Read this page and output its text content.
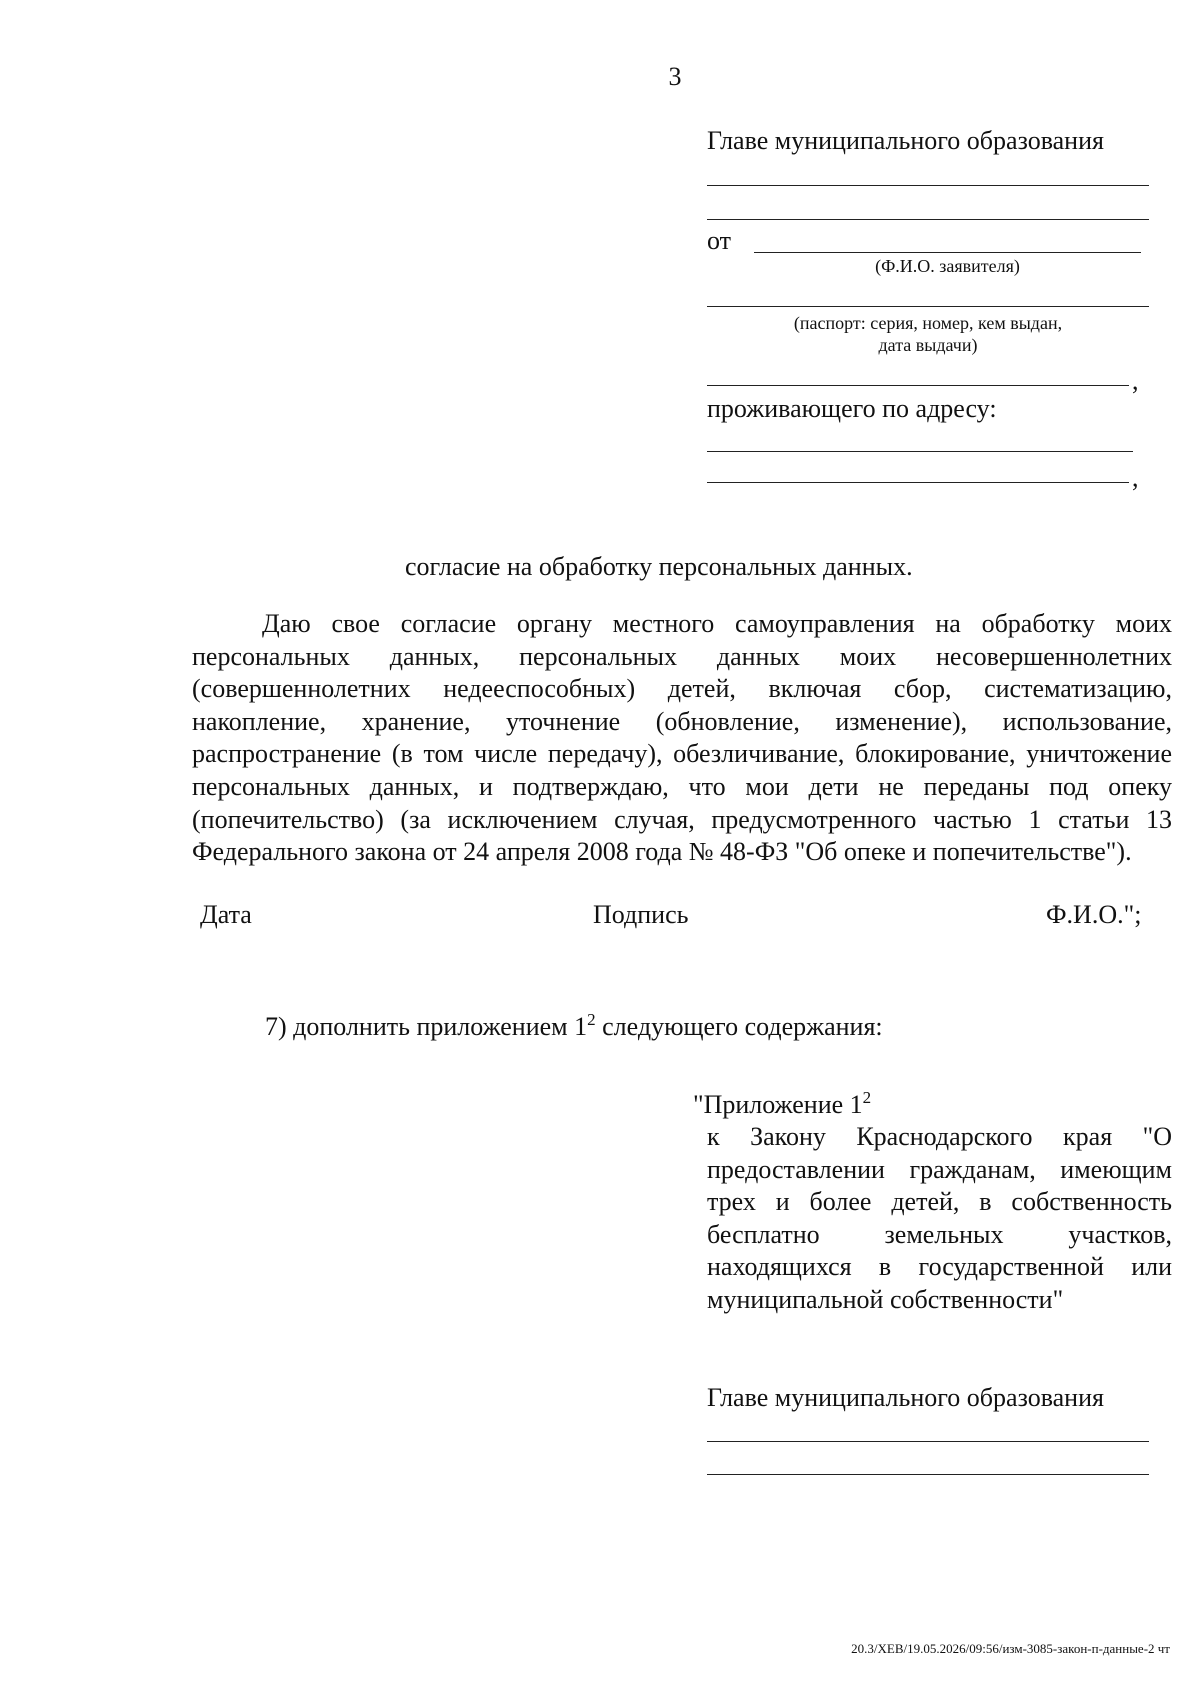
3
Главе муниципального образования
от
(Ф.И.О. заявителя)
(паспорт: серия, номер, кем выдан,
дата выдачи)
,
проживающего по адресу:
,
согласие на обработку персональных данных.
Даю свое согласие органу местного самоуправления на обработку моих персональных данных, персональных данных моих несовершеннолетних (совершеннолетних недееспособных) детей, включая сбор, систематизацию, накопление, хранение, уточнение (обновление, изменение), использование, распространение (в том числе передачу), обезличивание, блокирование, уничтожение персональных данных, и подтверждаю, что мои дети не переданы под опеку (попечительство) (за исключением случая, предусмотренного частью 1 статьи 13 Федерального закона от 24 апреля 2008 года № 48-ФЗ "Об опеке и попечительстве").
Дата	Подпись	Ф.И.О.";
7) дополнить приложением $1^2$ следующего содержания:
"Приложение $1^2$
к Закону Краснодарского края "О предоставлении гражданам, имеющим трех и более детей, в собственность бесплатно земельных участков, находящихся в государственной или муниципальной собственности"
Главе муниципального образования
20.3/ХЕВ/19.05.2026/09:56/изм-3085-закон-п-данные-2 чт
